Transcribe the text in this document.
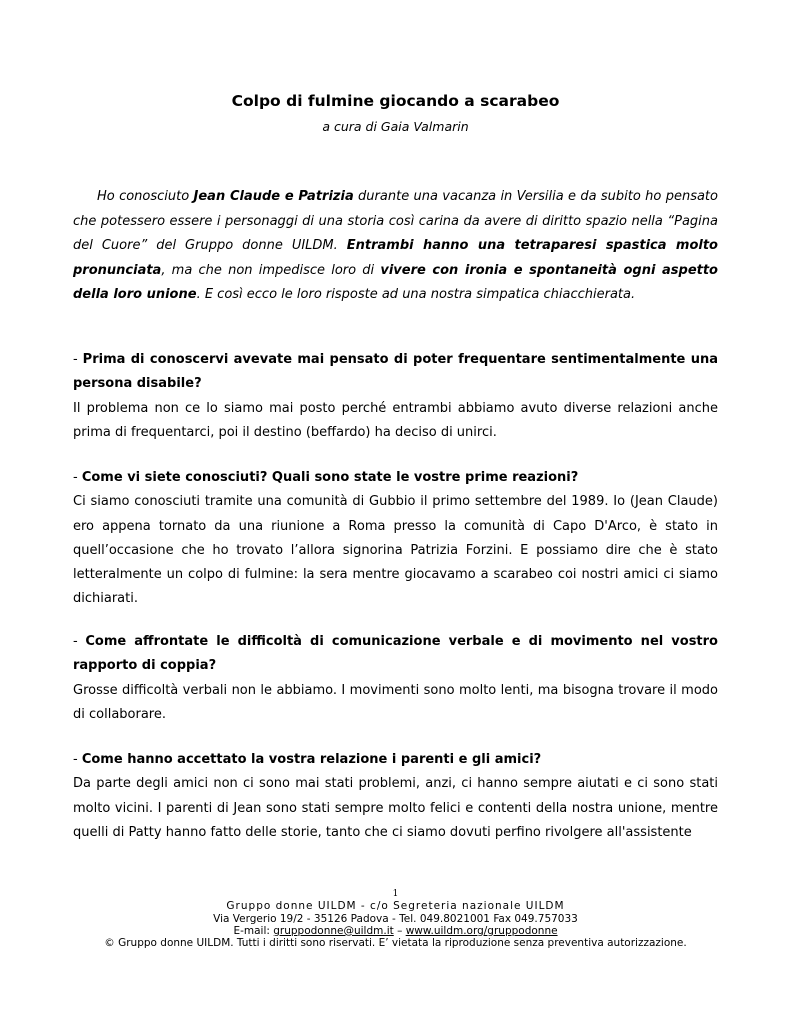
Colpo di fulmine giocando a scarabeo
a cura di Gaia Valmarin

Ho conosciuto Jean Claude e Patrizia durante una vacanza in Versilia e da subito ho pensato che potessero essere i personaggi di una storia così carina da avere di diritto spazio nella “Pagina del Cuore” del Gruppo donne UILDM. Entrambi hanno una tetraparesi spastica molto pronunciata, ma che non impedisce loro di vivere con ironia e spontaneità ogni aspetto della loro unione. E così ecco le loro risposte ad una nostra simpatica chiacchierata.

- Prima di conoscervi avevate mai pensato di poter frequentare sentimentalmente una persona disabile?

Il problema non ce lo siamo mai posto perché entrambi abbiamo avuto diverse relazioni anche prima di frequentarci, poi il destino (beffardo) ha deciso di unirci.

- Come vi siete conosciuti? Quali sono state le vostre prime reazioni?

Ci siamo conosciuti tramite una comunità di Gubbio il primo settembre del 1989. Io (Jean Claude) ero appena tornato da una riunione a Roma presso la comunità di Capo D'Arco, è stato in quell’occasione che ho trovato l’allora signorina Patrizia Forzini. E possiamo dire che è stato letteralmente un colpo di fulmine: la sera mentre giocavamo a scarabeo coi nostri amici ci siamo dichiarati.

- Come affrontate le difficoltà di comunicazione verbale e di movimento nel vostro rapporto di coppia?

Grosse difficoltà verbali non le abbiamo. I movimenti sono molto lenti, ma bisogna trovare il modo di collaborare.

- Come hanno accettato la vostra relazione i parenti e gli amici?

Da parte degli amici non ci sono mai stati problemi, anzi, ci hanno sempre aiutati e ci sono stati molto vicini. I parenti di Jean sono stati sempre molto felici e contenti della nostra unione, mentre quelli di Patty hanno fatto delle storie, tanto che ci siamo dovuti perfino rivolgere all'assistente

1
Gruppo donne UILDM - c/o Segreteria nazionale UILDM
Via Vergerio 19/2 - 35126 Padova - Tel. 049.8021001 Fax 049.757033
E-mail: gruppodonne@uildm.it – www.uildm.org/gruppodonne
© Gruppo donne UILDM. Tutti i diritti sono riservati. E’ vietata la riproduzione senza preventiva autorizzazione.
